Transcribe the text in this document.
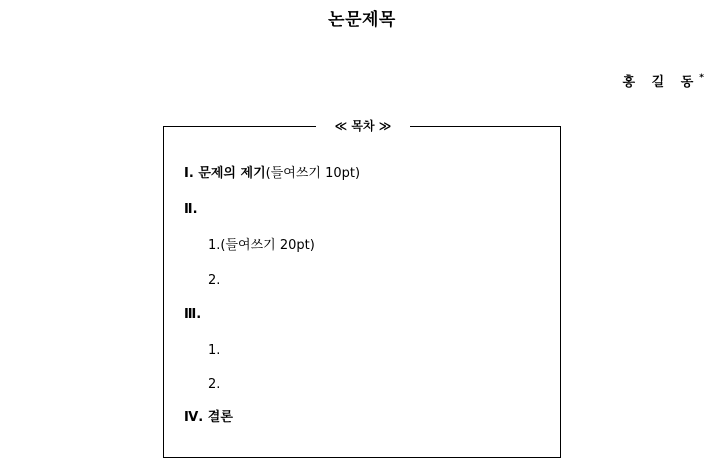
논문제목
홍 길 동*
≪ 목차 ≫
Ⅰ. 문제의 제기(들여쓰기 10pt)
Ⅱ.
1.(들여쓰기 20pt)
2.
Ⅲ.
1.
2.
Ⅳ. 결론
